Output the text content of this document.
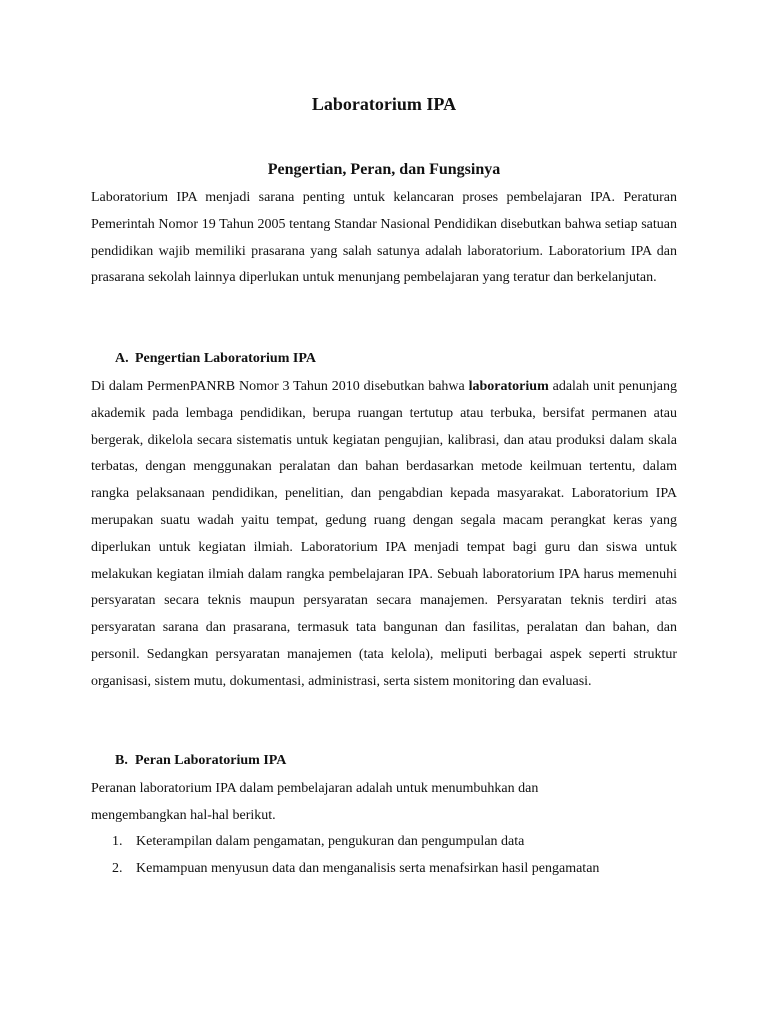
Laboratorium IPA
Pengertian, Peran, dan Fungsinya

Laboratorium IPA menjadi sarana penting untuk kelancaran proses pembelajaran IPA. Peraturan Pemerintah Nomor 19 Tahun 2005 tentang Standar Nasional Pendidikan disebutkan bahwa setiap satuan pendidikan wajib memiliki prasarana yang salah satunya adalah laboratorium. Laboratorium IPA dan prasarana sekolah lainnya diperlukan untuk menunjang pembelajaran yang teratur dan berkelanjutan.

A. Pengertian Laboratorium IPA

Di dalam PermenPANRB Nomor 3 Tahun 2010 disebutkan bahwa laboratorium adalah unit penunjang akademik pada lembaga pendidikan, berupa ruangan tertutup atau terbuka, bersifat permanen atau bergerak, dikelola secara sistematis untuk kegiatan pengujian, kalibrasi, dan atau produksi dalam skala terbatas, dengan menggunakan peralatan dan bahan berdasarkan metode keilmuan tertentu, dalam rangka pelaksanaan pendidikan, penelitian, dan pengabdian kepada masyarakat. Laboratorium IPA merupakan suatu wadah yaitu tempat, gedung ruang dengan segala macam perangkat keras yang diperlukan untuk kegiatan ilmiah. Laboratorium IPA menjadi tempat bagi guru dan siswa untuk melakukan kegiatan ilmiah dalam rangka pembelajaran IPA. Sebuah laboratorium IPA harus memenuhi persyaratan secara teknis maupun persyaratan secara manajemen. Persyaratan teknis terdiri atas persyaratan sarana dan prasarana, termasuk tata bangunan dan fasilitas, peralatan dan bahan, dan personil. Sedangkan persyaratan manajemen (tata kelola), meliputi berbagai aspek seperti struktur organisasi, sistem mutu, dokumentasi, administrasi, serta sistem monitoring dan evaluasi.

B. Peran Laboratorium IPA

Peranan laboratorium IPA dalam pembelajaran adalah untuk menumbuhkan dan
mengembangkan hal-hal berikut.

1. Keterampilan dalam pengamatan, pengukuran dan pengumpulan data
2. Kemampuan menyusun data dan menganalisis serta menafsirkan hasil pengamatan
